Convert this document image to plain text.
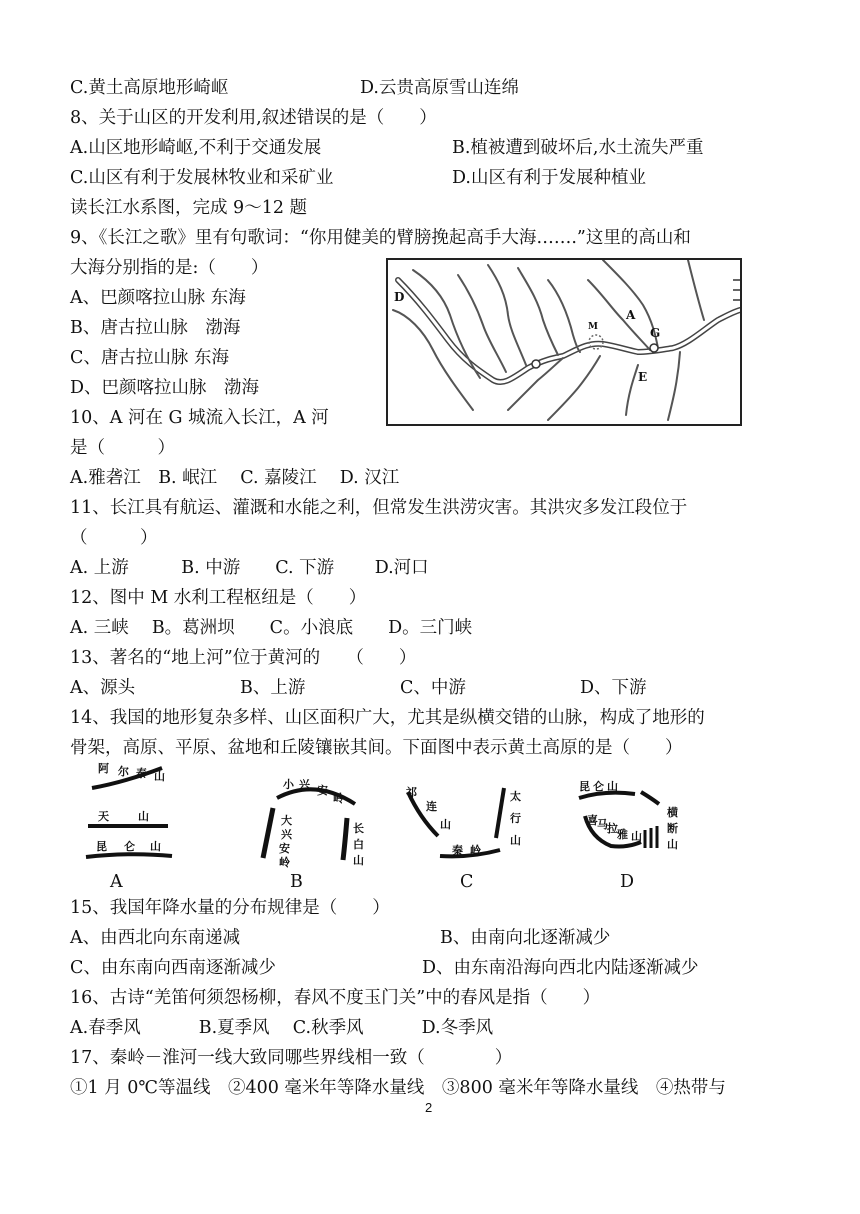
C.黄土高原地形崎岖	D.云贵高原雪山连绵
8、关于山区的开发利用,叙述错误的是（　　）
A.山区地形崎岖,不利于交通发展	B.植被遭到破坏后,水土流失严重
C.山区有利于发展林牧业和采矿业	D.山区有利于发展种植业
读长江水系图，完成 9～12 题
9、《长江之歌》里有句歌词：“你用健美的臂膀挽起高手大海…….”这里的高山和
大海分别指的是:（　　）
A、巴颜喀拉山脉 东海
B、唐古拉山脉　渤海
C、唐古拉山脉 东海
D、巴颜喀拉山脉　渤海
10、A 河在 G 城流入长江，A 河
是（　　　）
A.雅砻江　B. 岷江　 C. 嘉陵江　 D. 汉江
D
A
M	G
E
11、长江具有航运、灌溉和水能之利，但常发生洪涝灾害。其洪灾多发江段位于
（　　　）
A. 上游　　　B. 中游　　C. 下游　　 D.河口
12、图中 M 水利工程枢纽是（　　）
A. 三峡　 B。葛洲坝　　C。小浪底　　D。三门峡
13、著名的“地上河”位于黄河的　　（　　）
A、源头	B、上游	C、中游	D、下游
14、我国的地形复杂多样、山区面积广大，尤其是纵横交错的山脉，构成了地形的
骨架，高原、平原、盆地和丘陵镶嵌其间。下面图中表示黄土高原的是（　　）
阿 尔 泰 山
天	山
昆 仑 山
小 兴 安
岭
大
兴
安
岭
长
白
山
祁
连
山
太
行
山
秦 岭
昆 仑 山
喜 马 拉 雅 山
横
断
山
A	B	C	D
15、我国年降水量的分布规律是（　　）
A、由西北向东南递减	B、由南向北逐渐减少
C、由东南向西南逐渐减少	D、由东南沿海向西北内陆逐渐减少
16、古诗“羌笛何须怨杨柳，春风不度玉门关”中的春风是指（　　）
A.春季风　　　 B.夏季风　 C.秋季风　　　 D.冬季风
17、秦岭－淮河一线大致同哪些界线相一致（　　　　）
①1 月 0℃等温线　②400 毫米年等降水量线　③800 毫米年等降水量线　④热带与
2
